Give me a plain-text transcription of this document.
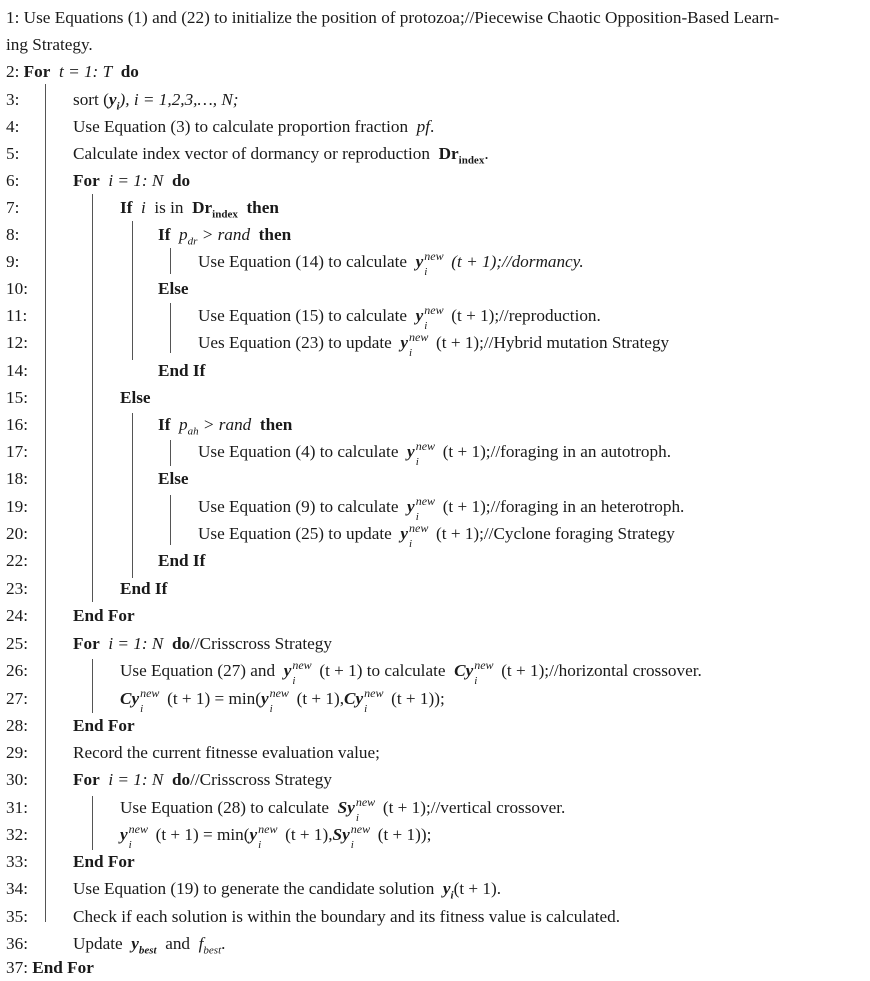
1: Use Equations (1) and (22) to initialize the position of protozoa;//Piecewise Chaotic Opposition-Based Learn-
ing Strategy.
2: For t = 1: T do
3:	sort $(y_i)$, i = 1,2,3,…, N;
4:	Use Equation (3) to calculate proportion fraction pf.
5:	Calculate index vector of dormancy or reproduction $Dr_{index}$.
6:	For i = 1: N do
7:	If i is in $Dr_{index}$ then
8:	If $p_{dr}$ > rand then
9:	Use Equation (14) to calculate y new
i
(t + 1);//dormancy.
10:	Else
11:	Use Equation (15) to calculate y new
i
(t + 1);//reproduction.
12:	Ues Equation (23) to update y new
i
(t + 1);//Hybrid mutation Strategy
14:	End If
15:	Else
16:	If $p_{ah}$ > rand then
17:	Use Equation (4) to calculate y new
i
(t + 1);//foraging in an autotroph.
18:	Else
19:	Use Equation (9) to calculate y new
i
(t + 1);//foraging in an heterotroph.
20:	Use Equation (25) to update y new
i
(t + 1);//Cyclone foraging Strategy
22:	End If
23:	End If
24:	End For
25:	For i = 1: N do//Crisscross Strategy
26:	Use Equation (27) and y new
i
(t + 1) to calculate Cy new
i
(t + 1);//horizontal crossover.
27:	Cy new
i
(t + 1) = min(y new
i
(t + 1),Cy new
i
(t + 1));
28:	End For
29:	Record the current fitnesse evaluation value;
30:	For i = 1: N do//Crisscross Strategy
31:	Use Equation (28) to calculate Sy new
i
(t + 1);//vertical crossover.
32:	y new
i
(t + 1) = min(y new
i
(t + 1),Sy new
i
(t + 1));
33:	End For
34:	Use Equation (19) to generate the candidate solution $y_i(t + 1)$.
35:	Check if each solution is within the boundary and its fitness value is calculated.
36:	Update $y_{best}$ and $f_{best}$.
37: End For
